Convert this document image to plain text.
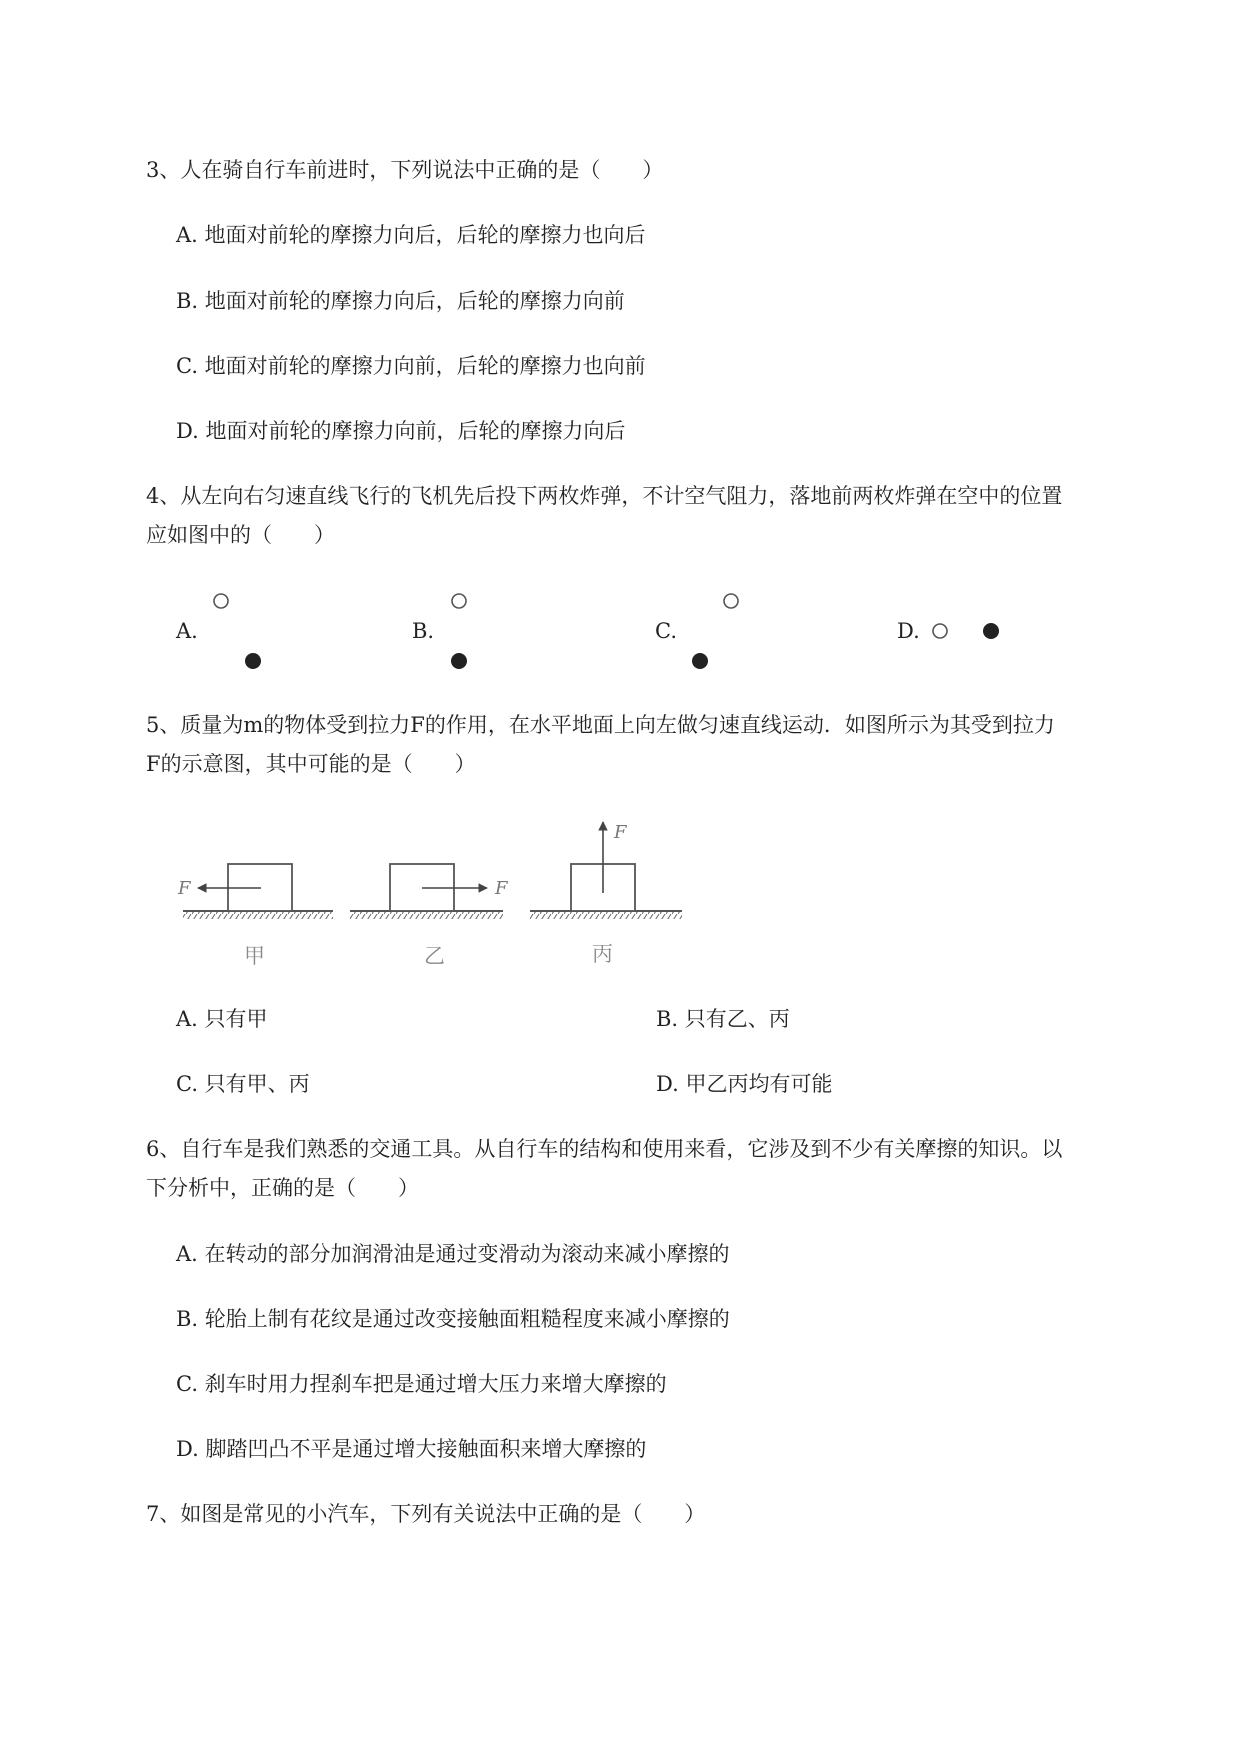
3、人在骑自行车前进时，下列说法中正确的是（　　）
A. 地面对前轮的摩擦力向后，后轮的摩擦力也向后
B. 地面对前轮的摩擦力向后，后轮的摩擦力向前
C. 地面对前轮的摩擦力向前，后轮的摩擦力也向前
D. 地面对前轮的摩擦力向前，后轮的摩擦力向后
4、从左向右匀速直线飞行的飞机先后投下两枚炸弹，不计空气阻力，落地前两枚炸弹在空中的位置
应如图中的（　　）
A.	B.	C.	D.
5、质量为m的物体受到拉力F的作用，在水平地面上向左做匀速直线运动．如图所示为其受到拉力
F的示意图，其中可能的是（　　）
F
甲
F
乙
F
丙
A. 只有甲	B. 只有乙、丙
C. 只有甲、丙	D. 甲乙丙均有可能
6、自行车是我们熟悉的交通工具。从自行车的结构和使用来看，它涉及到不少有关摩擦的知识。以
下分析中，正确的是（　　）
A. 在转动的部分加润滑油是通过变滑动为滚动来减小摩擦的
B. 轮胎上制有花纹是通过改变接触面粗糙程度来减小摩擦的
C. 刹车时用力捏刹车把是通过增大压力来增大摩擦的
D. 脚踏凹凸不平是通过增大接触面积来增大摩擦的
7、如图是常见的小汽车，下列有关说法中正确的是（　　）
